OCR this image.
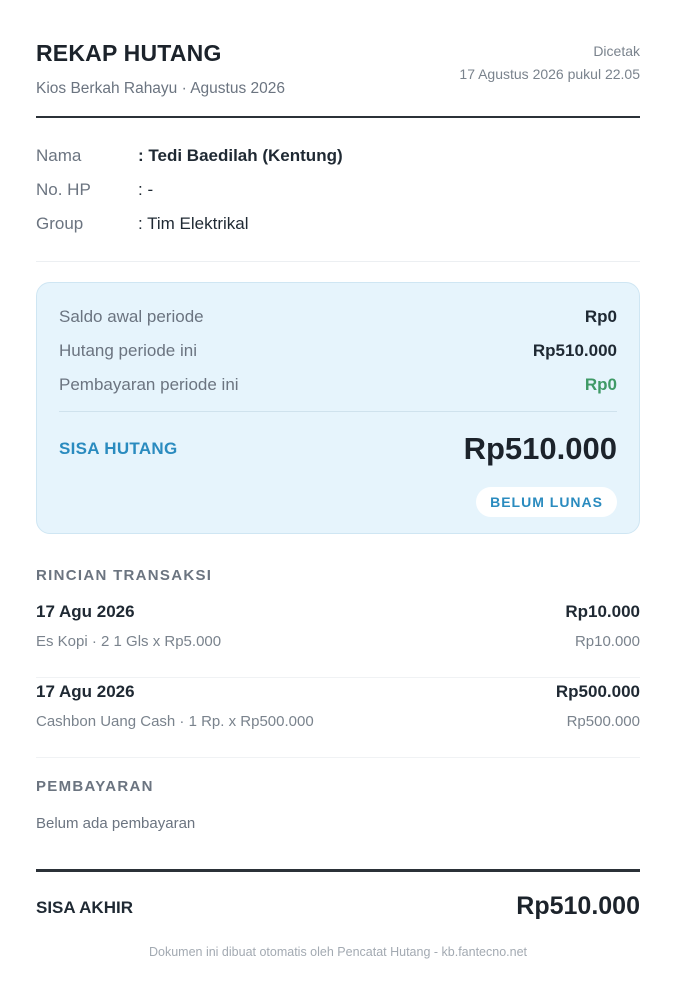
REKAP HUTANG
Kios Berkah Rahayu · Agustus 2026
Dicetak
17 Agustus 2026 pukul 22.05
Nama	: Tedi Baedilah (Kentung)
No. HP	: -
Group	: Tim Elektrikal
Saldo awal periode	Rp0
Hutang periode ini	Rp510.000
Pembayaran periode ini	Rp0
SISA HUTANG	Rp510.000
BELUM LUNAS
RINCIAN TRANSAKSI
17 Agu 2026	Rp10.000
Es Kopi · 2 1 Gls x Rp5.000	Rp10.000
17 Agu 2026	Rp500.000
Cashbon Uang Cash · 1 Rp. x Rp500.000	Rp500.000
PEMBAYARAN
Belum ada pembayaran
SISA AKHIR	Rp510.000
Dokumen ini dibuat otomatis oleh Pencatat Hutang - kb.fantecno.net
